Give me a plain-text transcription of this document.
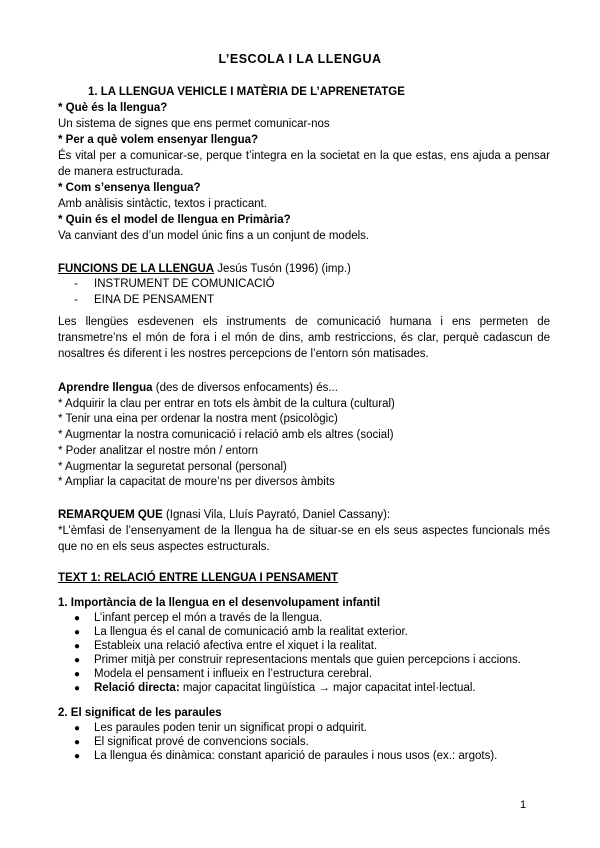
L’ESCOLA I LA LLENGUA
1. LA LLENGUA VEHICLE I MATÈRIA DE L’APRENETATGE
* Què és la llengua?
Un sistema de signes que ens permet comunicar-nos
* Per a què volem ensenyar llengua?
És vital per a comunicar-se, perque t’integra en la societat en la que estas, ens ajuda a pensar de manera estructurada.
* Com s’ensenya llengua?
Amb anàlisis sintàctic, textos i practicant.
* Quin és el model de llengua en Primària?
Va canviant des d’un model únic fins a un conjunt de models.
FUNCIONS DE LA LLENGUA Jesús Tusón (1996) (imp.)
- INSTRUMENT DE COMUNICACIÓ
- EINA DE PENSAMENT
Les llengües esdevenen els instruments de comunicació humana i ens permeten de transmetre’ns el món de fora i el món de dins, amb restriccions, és clar, perquè cadascun de nosaltres és diferent i les nostres percepcions de l’entorn són matisades.
Aprendre llengua (des de diversos enfocaments) és...
* Adquirir la clau per entrar en tots els àmbit de la cultura (cultural)
* Tenir una eina per ordenar la nostra ment (psicològic)
* Augmentar la nostra comunicació i relació amb els altres (social)
* Poder analitzar el nostre món / entorn
* Augmentar la seguretat personal (personal)
* Ampliar la capacitat de moure’ns per diversos àmbits
REMARQUEM QUE (Ignasi Vila, Lluís Payrató, Daniel Cassany):
*L’èmfasi de l’ensenyament de la llengua ha de situar-se en els seus aspectes funcionals més que no en els seus aspectes estructurals.
TEXT 1: RELACIÓ ENTRE LLENGUA I PENSAMENT
1. Importància de la llengua en el desenvolupament infantil
● L’infant percep el món a través de la llengua.
● La llengua és el canal de comunicació amb la realitat exterior.
● Estableix una relació afectiva entre el xiquet i la realitat.
● Primer mitjà per construir representacions mentals que guien percepcions i accions.
● Modela el pensament i influeix en l’estructura cerebral.
● Relació directa: major capacitat lingüística → major capacitat intel·lectual.
2. El significat de les paraules
● Les paraules poden tenir un significat propi o adquirit.
● El significat prové de convencions socials.
● La llengua és dinàmica: constant aparició de paraules i nous usos (ex.: argots).
1
